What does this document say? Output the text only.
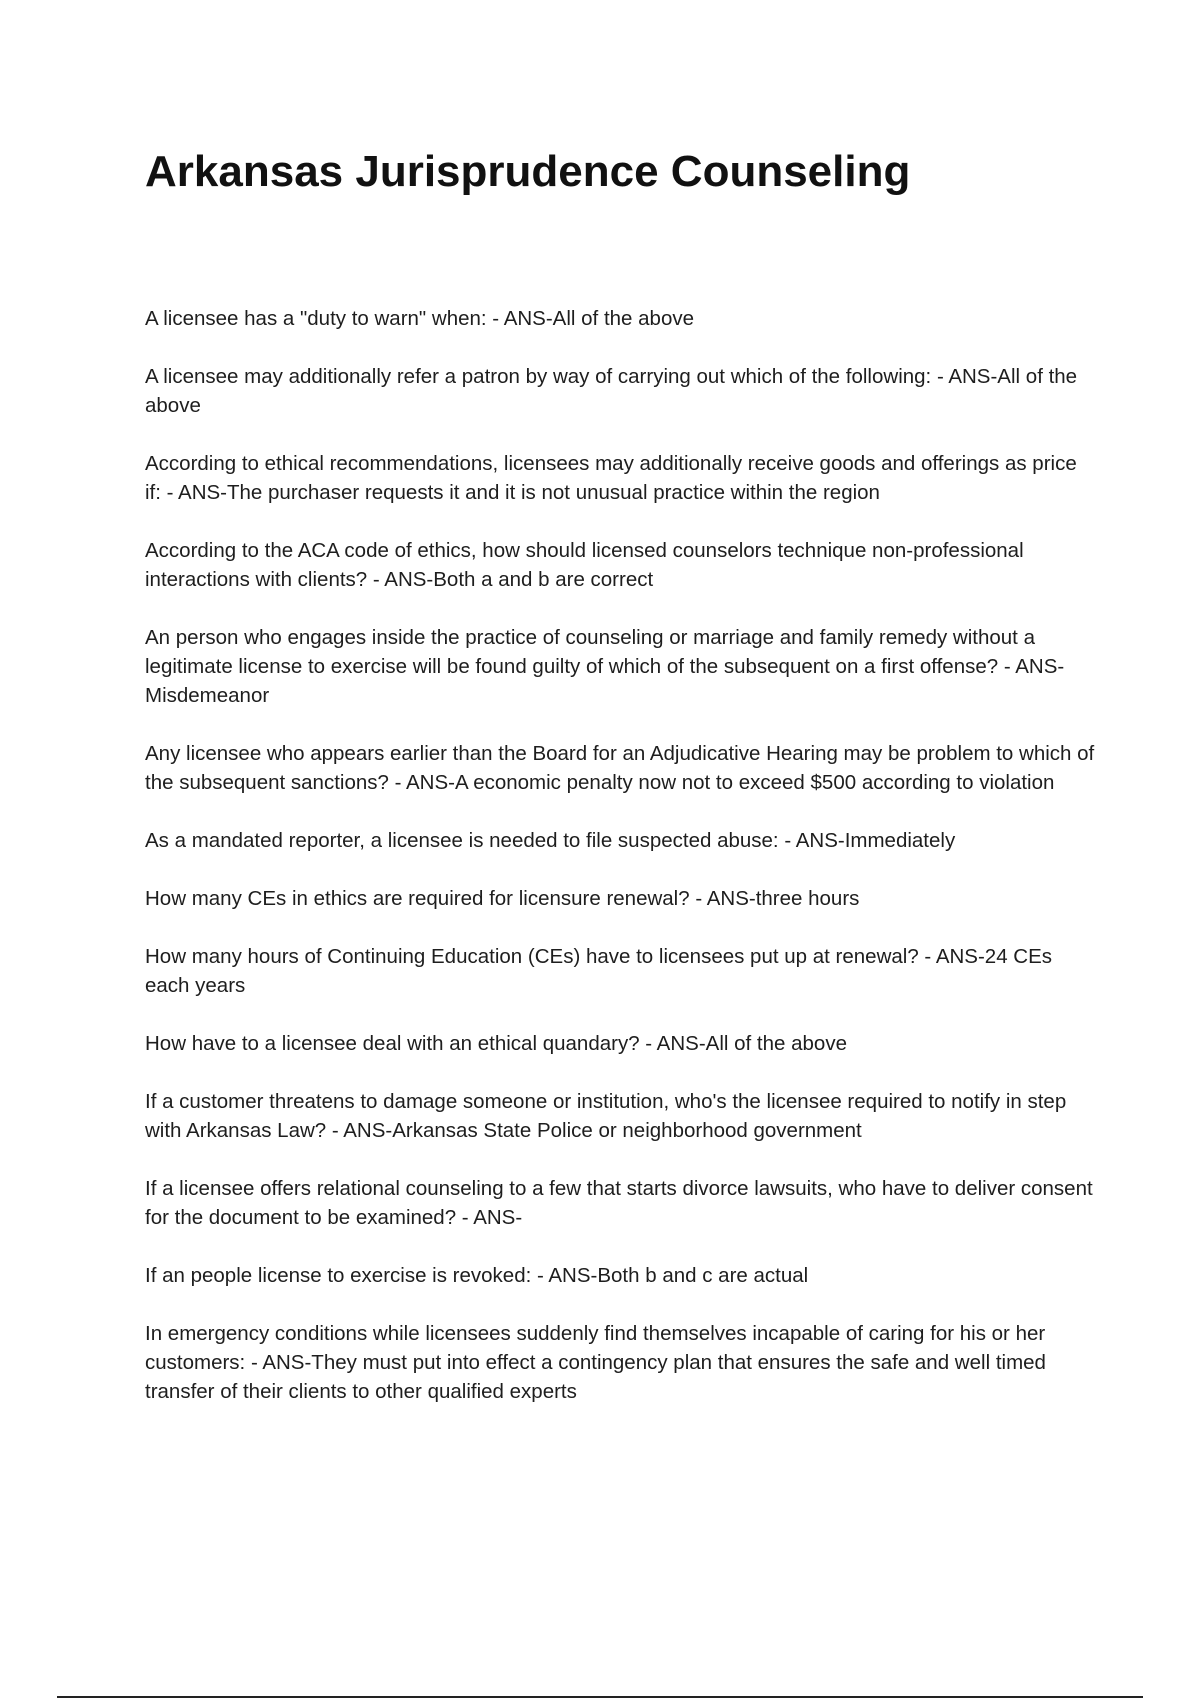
Arkansas Jurisprudence Counseling
A licensee has a "duty to warn" when: - ANS-All of the above
A licensee may additionally refer a patron by way of carrying out which of the following: - ANS-All of the above
According to ethical recommendations, licensees may additionally receive goods and offerings as price if: - ANS-The purchaser requests it and it is not unusual practice within the region
According to the ACA code of ethics, how should licensed counselors technique non-professional interactions with clients? - ANS-Both a and b are correct
An person who engages inside the practice of counseling or marriage and family remedy without a legitimate license to exercise will be found guilty of which of the subsequent on a first offense? - ANS-Misdemeanor
Any licensee who appears earlier than the Board for an Adjudicative Hearing may be problem to which of the subsequent sanctions? - ANS-A economic penalty now not to exceed $500 according to violation
As a mandated reporter, a licensee is needed to file suspected abuse: - ANS-Immediately
How many CEs in ethics are required for licensure renewal? - ANS-three hours
How many hours of Continuing Education (CEs) have to licensees put up at renewal? - ANS-24 CEs each years
How have to a licensee deal with an ethical quandary? - ANS-All of the above
If a customer threatens to damage someone or institution, who's the licensee required to notify in step with Arkansas Law? - ANS-Arkansas State Police or neighborhood government
If a licensee offers relational counseling to a few that starts divorce lawsuits, who have to deliver consent for the document to be examined? - ANS-
If an people license to exercise is revoked: - ANS-Both b and c are actual
In emergency conditions while licensees suddenly find themselves incapable of caring for his or her customers: - ANS-They must put into effect a contingency plan that ensures the safe and well timed transfer of their clients to other qualified experts
